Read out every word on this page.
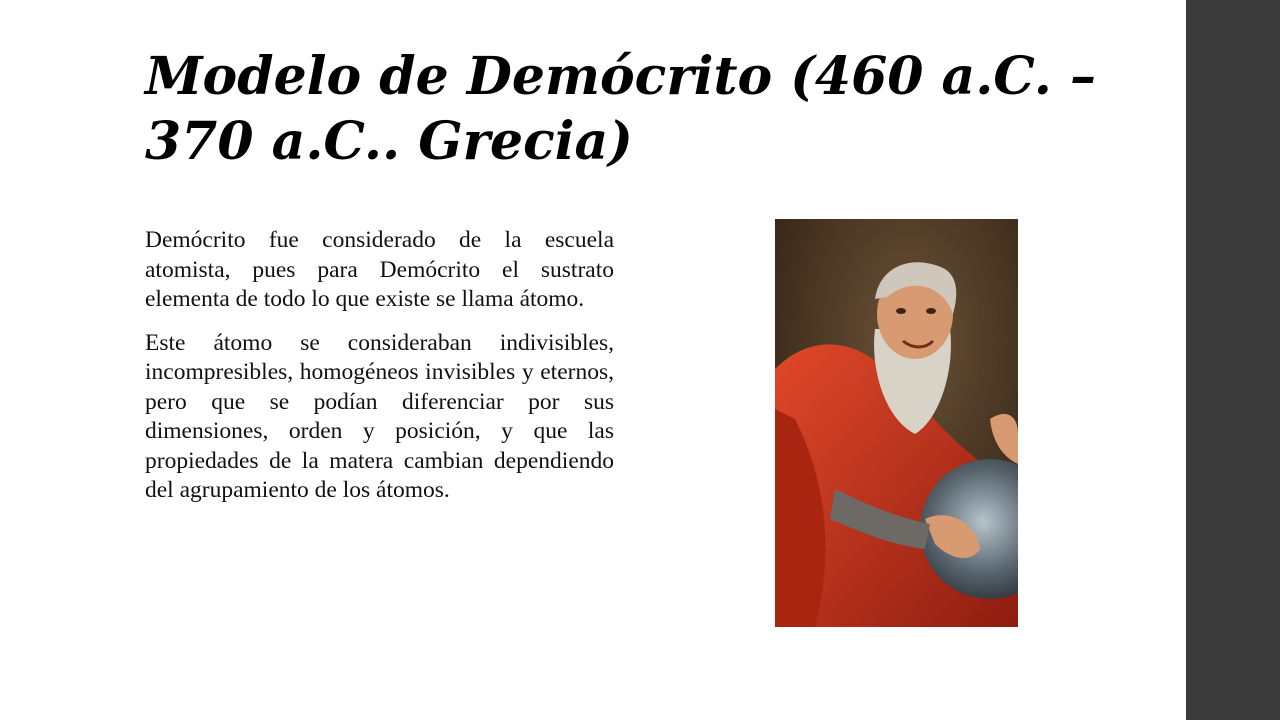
Modelo de Demócrito (460 a.C. – 370 a.C.. Grecia)

Demócrito fue considerado de la escuela atomista, pues para Demócrito el sustrato elementa de todo lo que existe se llama átomo.

Este átomo se consideraban indivisibles, incompresibles, homogéneos invisibles y eternos, pero que se podían diferenciar por sus dimensiones, orden y posición, y que las propiedades de la matera cambian dependiendo del agrupamiento de los átomos.
